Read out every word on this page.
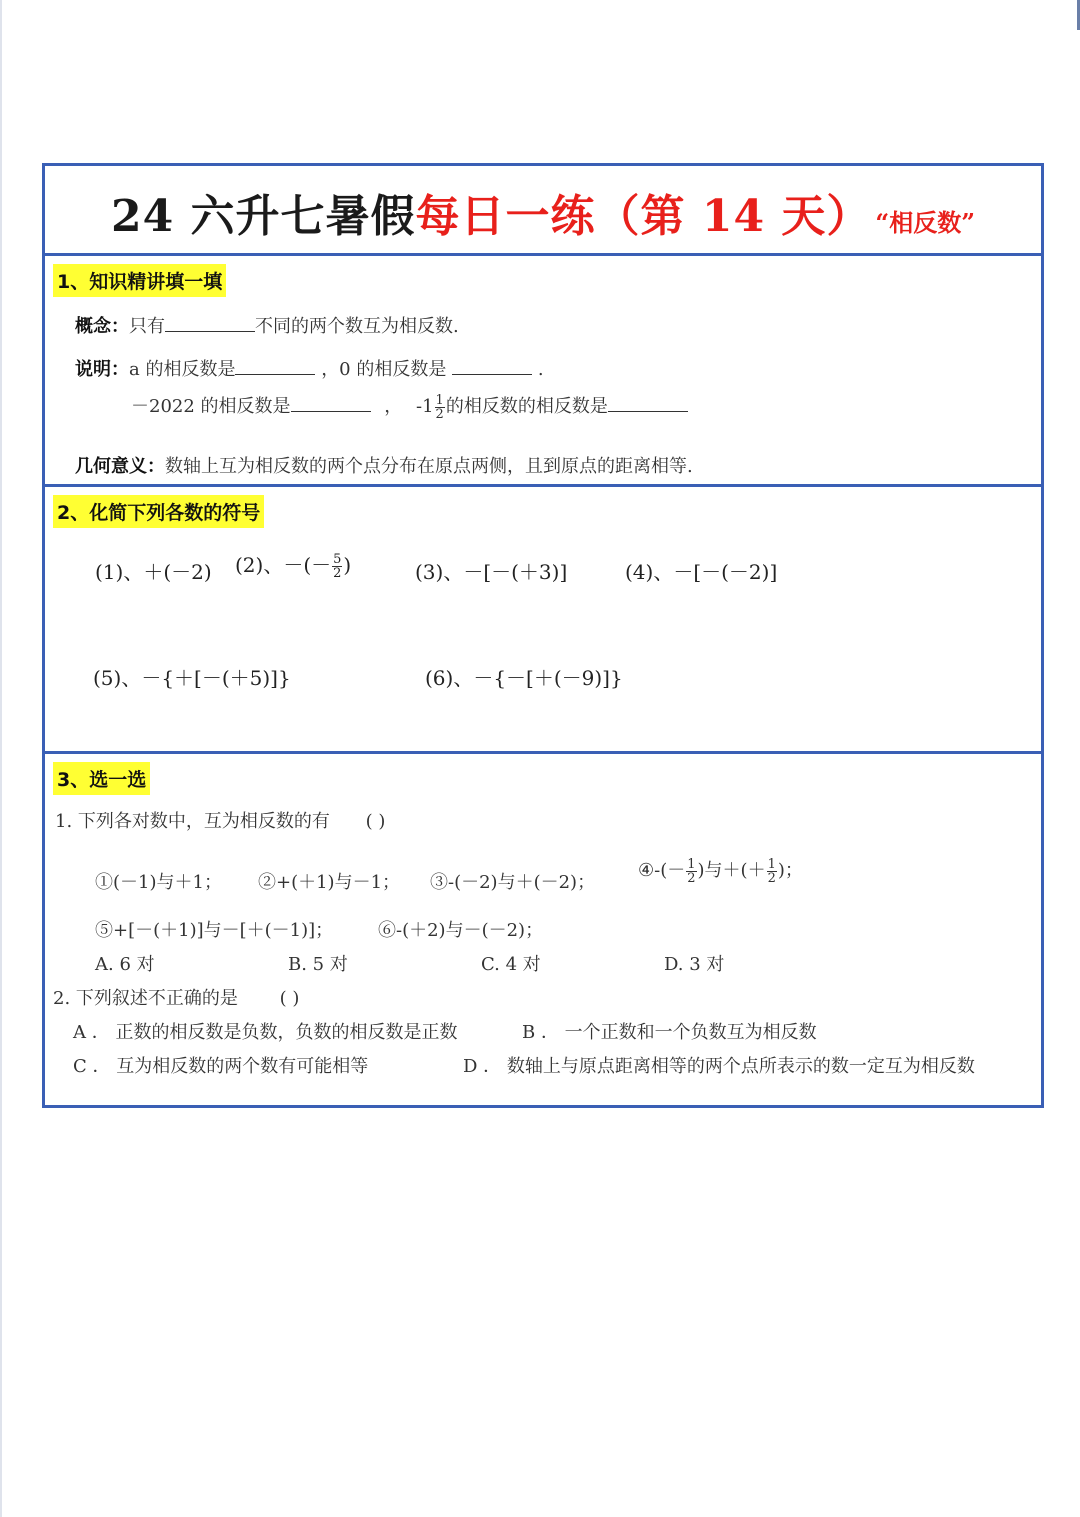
24 六升七暑假每日一练（第 14 天） “相反数”
1、知识精讲填一填
概念：只有	不同的两个数互为相反数.
说明：a 的相反数是	，0 的相反数是	.
－2022 的相反数是	， $-1 \frac{1}{2}$ 的相反数的相反数是
几何意义：数轴上互为相反数的两个点分布在原点两侧，且到原点的距离相等.
2、化简下列各数的符号
(1)、＋(－2) (2)、－(－ $\frac{5}{2}$ )	(3)、－[－(＋3)]	(4)、－[－(－2)]
(5)、－{＋[－(＋5)]}	(6)、－{－[＋(－9)]}
3、选一选
1. 下列各对数中，互为相反数的有 ( )
①(－1)与＋1； ②+(＋1)与－1； ③-(－2)与＋(－2)；
④-(－ $\frac{1}{2}$ )与＋(＋ $\frac{1}{2}$ )；
⑤+[－(＋1)]与－[＋(－1)]； ⑥-(＋2)与－(－2)；
A. 6 对	B. 5 对	C. 4 对	D. 3 对
2. 下列叙述不正确的是 ( )
A ． 正数的相反数是负数，负数的相反数是正数	B ． 一个正数和一个负数互为相反数
C ． 互为相反数的两个数有可能相等	D ． 数轴上与原点距离相等的两个点所表示的数一定互为相反数
